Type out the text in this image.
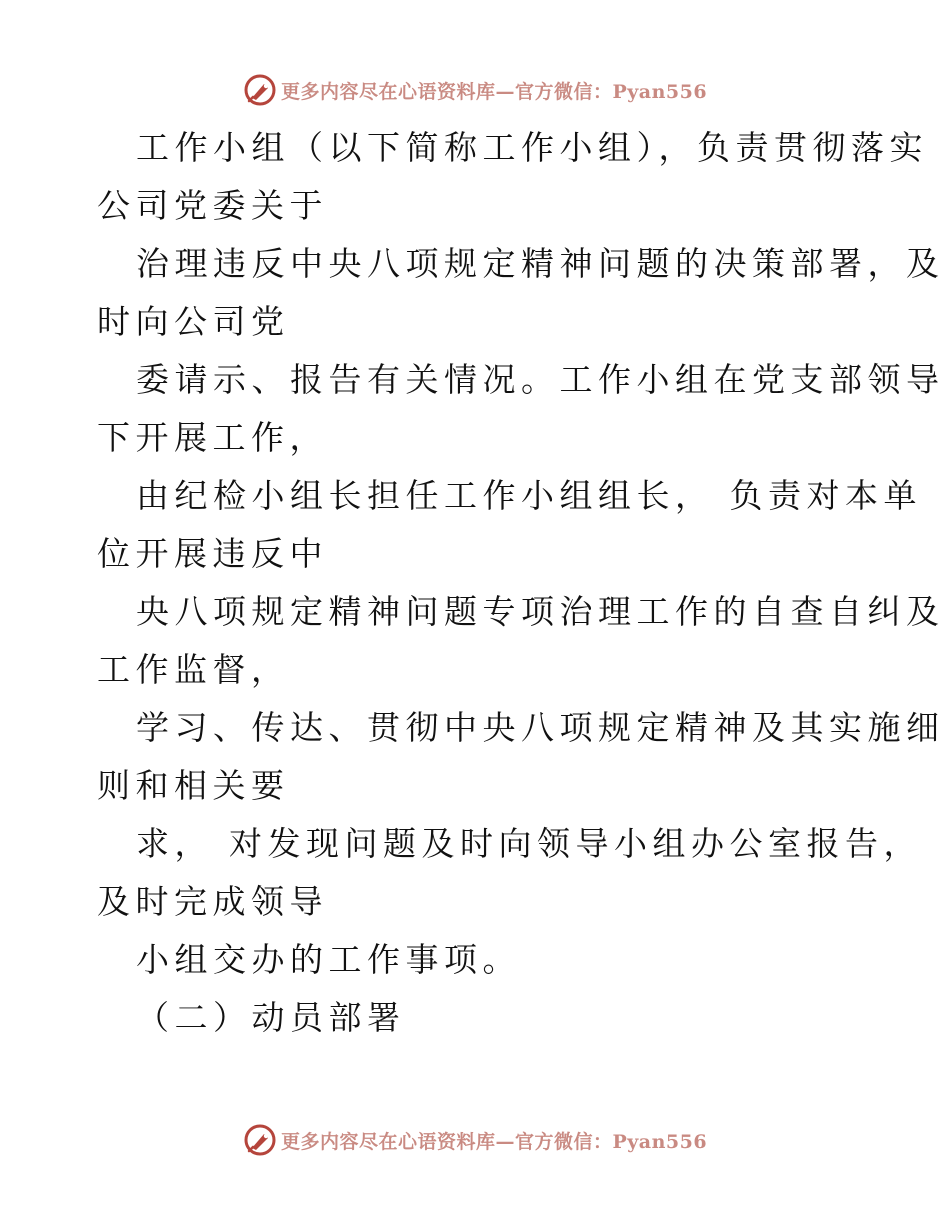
更多内容尽在心语资料库—官方微信：Pyan556
工作小组（以下简称工作小组），负责贯彻落实
公司党委关于
治理违反中央八项规定精神问题的决策部署，及
时向公司党
委请示、报告有关情况。工作小组在党支部领导
下开展工作，
由纪检小组长担任工作小组组长， 负责对本单
位开展违反中
央八项规定精神问题专项治理工作的自查自纠及
工作监督，
学习、传达、贯彻中央八项规定精神及其实施细
则和相关要
求， 对发现问题及时向领导小组办公室报告，
及时完成领导
小组交办的工作事项。
（二）动员部署
更多内容尽在心语资料库—官方微信：Pyan556
